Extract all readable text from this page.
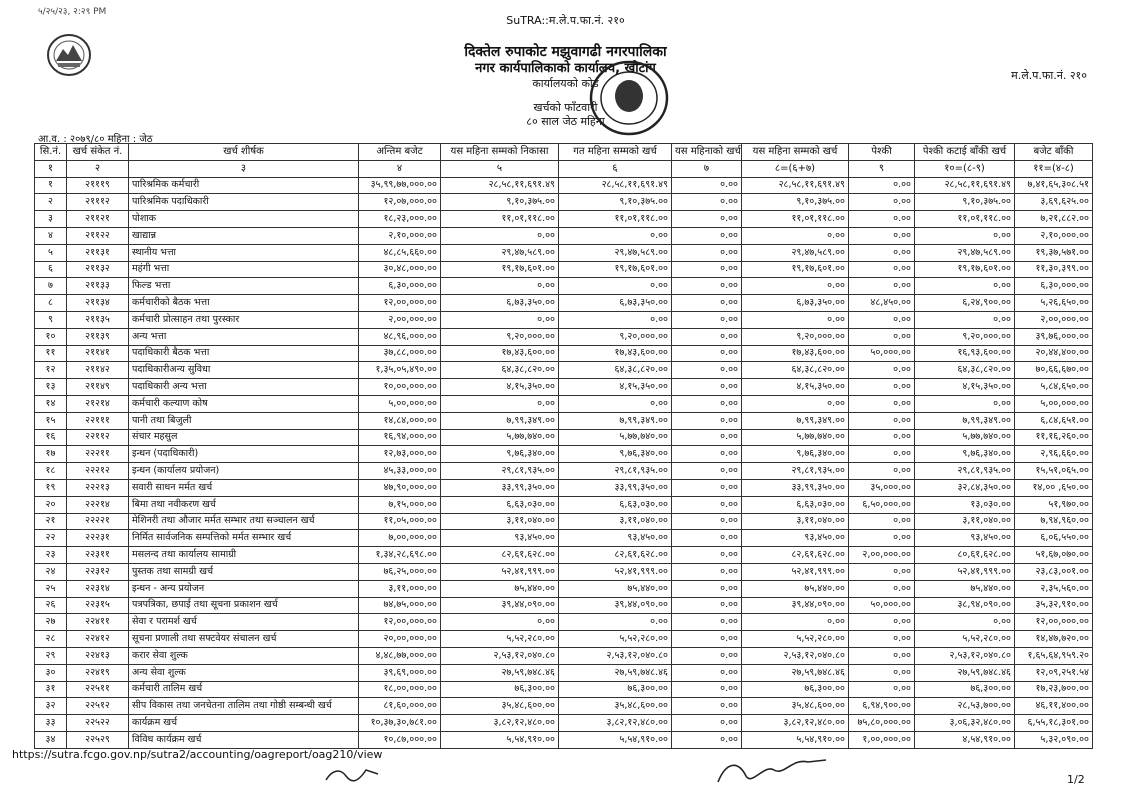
५/२५/२३, २:२९ PM
SuTRA::म.ले.प.फा.नं. २१०
दिक्तेल रुपाकोट मझुवागढी नगरपालिका
नगर कार्यपालिकाको कार्यालय, खोटांग
कार्यालयको कोड
खर्चको फाँटवारी
८० साल जेठ महिना
म.ले.प.फा.नं. २१०
आ.व. : २०७९/८० महिना : जेठ
सि.नं.	खर्च संकेत नं.	खर्च शीर्षक	अन्तिम बजेट	यस महिना सम्मको निकासा	गत महिना सम्मको खर्च	यस महिनाको खर्च	यस महिना सम्मको खर्च	पेश्की	पेश्की कटाई बाँकी खर्च	बजेट बाँकी
१	२	३	४	५	६	७	८=(६+७)	९	१०=(८-९)	११=(४-८)
१	२१११९	पारिश्रमिक कर्मचारी	३५,९९,७७,०००.००	२८,५८,११,६९१.४९	२८,५८,११,६९१.४९	०.००	२८,५८,११,६९१.४९	०.००	२८,५८,११,६९१.४९	७,४१,६५,३०८.५१
२	२१११२	पारिश्रमिक पदाधिकारी	१२,०७,०००.००	९,१०,३७५.००	९,१०,३७५.००	०.००	९,१०,३७५.००	०.००	९,१०,३७५.००	३,६९,६२५.००
३	२११२१	पोशाक	१८,२३,०००.००	११,०१,११८.००	११,०१,११८.००	०.००	११,०१,११८.००	०.००	११,०१,११८.००	७,२१,८८२.००
४	२११२२	खाद्यान्न	२,१०,०००.००	०.००	०.००	०.००	०.००	०.००	०.००	२,१०,०००.००
५	२११३१	स्थानीय भत्ता	४८,८५,६६०.००	२९,४७,५८९.००	२९,४७,५८९.००	०.००	२९,४७,५८९.००	०.००	२९,४७,५८९.००	१९,३७,५७१.००
६	२११३२	महंगी भत्ता	३०,४८,०००.००	१९,१७,६०१.००	१९,१७,६०१.००	०.००	१९,१७,६०१.००	०.००	१९,१७,६०१.००	११,३०,३९९.००
७	२११३३	फिल्ड भत्ता	६,३०,०००.००	०.००	०.००	०.००	०.००	०.००	०.००	६,३०,०००.००
८	२११३४	कर्मचारीको बैठक भत्ता	१२,००,०००.००	६,७३,३५०.००	६,७३,३५०.००	०.००	६,७३,३५०.००	४८,४५०.००	६,२४,९००.००	५,२६,६५०.००
९	२११३५	कर्मचारी प्रोत्साहन तथा पुरस्कार	२,००,०००.००	०.००	०.००	०.००	०.००	०.००	०.००	२,००,०००.००
१०	२११३९	अन्य भत्ता	४८,९६,०००.००	९,२०,०००.००	९,२०,०००.००	०.००	९,२०,०००.००	०.००	९,२०,०००.००	३९,७६,०००.००
११	२११४१	पदाधिकारी बैठक भत्ता	३७,८८,०००.००	१७,४३,६००.००	१७,४३,६००.००	०.००	१७,४३,६००.००	५०,०००.००	१६,९३,६००.००	२०,४४,४००.००
१२	२११४२	पदाधिकारीअन्य सुविधा	१,३५,०५,४९०.००	६४,३८,८२०.००	६४,३८,८२०.००	०.००	६४,३८,८२०.००	०.००	६४,३८,८२०.००	७०,६६,६७०.००
१३	२११४९	पदाधिकारी अन्य भत्ता	१०,००,०००.००	४,१५,३५०.००	४,१५,३५०.००	०.००	४,१५,३५०.००	०.००	४,१५,३५०.००	५,८४,६५०.००
१४	२१२१४	कर्मचारी कल्याण कोष	५,००,०००.००	०.००	०.००	०.००	०.००	०.००	०.००	५,००,०००.००
१५	२२१११	पानी तथा बिजुली	१४,८४,०००.००	७,९९,३४९.००	७,९९,३४९.००	०.००	७,९९,३४९.००	०.००	७,९९,३४९.००	६,८४,६५१.००
१६	२२११२	संचार महसुल	१६,९४,०००.००	५,७७,७४०.००	५,७७,७४०.००	०.००	५,७७,७४०.००	०.००	५,७७,७४०.००	११,१६,२६०.००
१७	२२२११	इन्धन (पदाधिकारी)	१२,७३,०००.००	९,७६,३४०.००	९,७६,३४०.००	०.००	९,७६,३४०.००	०.००	९,७६,३४०.००	२,९६,६६०.००
१८	२२२१२	इन्धन (कार्यालय प्रयोजन)	४५,३३,०००.००	२९,८१,९३५.००	२९,८१,९३५.००	०.००	२९,८१,९३५.००	०.००	२९,८१,९३५.००	१५,५१,०६५.००
१९	२२२१३	सवारी साधन मर्मत खर्च	४७,९०,०००.००	३३,९९,३५०.००	३३,९९,३५०.००	०.००	३३,९९,३५०.००	३५,०००.००	३२,८४,३५०.००	१४,०० ,६५०.००
२०	२२२१४	बिमा तथा नवीकरण खर्च	७,१५,०००.००	६,६३,०३०.००	६,६३,०३०.००	०.००	६,६३,०३०.००	६,५०,०००.००	१३,०३०.००	५१,९७०.००
२१	२२२२१	मेशिनरी तथा औजार मर्मत सम्भार तथा सञ्चालन खर्च	११,०५,०००.००	३,११,०४०.००	३,११,०४०.००	०.००	३,११,०४०.००	०.००	३,११,०४०.००	७,९४,९६०.००
२२	२२२३१	निर्मित सार्वजनिक सम्पत्तिको मर्मत सम्भार खर्च	७,००,०००.००	९३,४५०.००	९३,४५०.००	०.००	९३,४५०.००	०.००	९३,४५०.००	६,०६,५५०.००
२३	२२३११	मसलन्द तथा कार्यालय सामाग्री	१,३४,२८,६९८.००	८२,६१,६२८.००	८२,६१,६२८.००	०.००	८२,६१,६२८.००	२,००,०००.००	८०,६१,६२८.००	५१,६७,०७०.००
२४	२२३१२	पुस्तक तथा सामग्री खर्च	७६,२५,०००.००	५२,४१,९९९.००	५२,४१,९९९.००	०.००	५२,४१,९९९.००	०.००	५२,४१,९९९.००	२३,८३,००१.००
२५	२२३१४	इन्धन - अन्य प्रयोजन	३,११,०००.००	७५,४४०.००	७५,४४०.००	०.००	७५,४४०.००	०.००	७५,४४०.००	२,३५,५६०.००
२६	२२३१५	पत्रपत्रिका, छपाई तथा सूचना प्रकाशन खर्च	७४,७५,०००.००	३९,४४,०९०.००	३९,४४,०९०.००	०.००	३९,४४,०९०.००	५०,०००.००	३८,९४,०९०.००	३५,३२,९१०.००
२७	२२४११	सेवा र परामर्श खर्च	१२,००,०००.००	०.००	०.००	०.००	०.००	०.००	०.००	१२,००,०००.००
२८	२२४१२	सूचना प्रणाली तथा सफ्टवेयर संचालन खर्च	२०,००,०००.००	५,५२,२८०.००	५,५२,२८०.००	०.००	५,५२,२८०.००	०.००	५,५२,२८०.००	१४,४७,७२०.००
२९	२२४१३	करार सेवा शुल्क	४,४८,७७,०००.००	२,५३,१२,०४०.८०	२,५३,१२,०४०.८०	०.००	२,५३,१२,०४०.८०	०.००	२,५३,१२,०४०.८०	१,६५,६४,९५९.२०
३०	२२४१९	अन्य सेवा शुल्क	३९,६९,०००.००	२७,५९,७४८.४६	२७,५९,७४८.४६	०.००	२७,५९,७४८.४६	०.००	२७,५९,७४८.४६	१२,०९,२५१.५४
३१	२२५११	कर्मचारी तालिम खर्च	१८,००,०००.००	७६,३००.००	७६,३००.००	०.००	७६,३००.००	०.००	७६,३००.००	१७,२३,७००.००
३२	२२५१२	सीप विकास तथा जनचेतना तालिम तथा गोष्ठी सम्बन्धी खर्च	८१,६०,०००.००	३५,४८,६००.००	३५,४८,६००.००	०.००	३५,४८,६००.००	६,९४,९००.००	२८,५३,७००.००	४६,११,४००.००
३३	२२५२२	कार्यक्रम खर्च	१०,३७,३०,७८१.००	३,८२,१२,४८०.००	३,८२,१२,४८०.००	०.००	३,८२,१२,४८०.००	७५,८०,०००.००	३,०६,३२,४८०.००	६,५५,१८,३०१.००
३४	२२५२९	विविध कार्यक्रम खर्च	१०,८७,०००.००	५,५४,९१०.००	५,५४,९१०.००	०.००	५,५४,९१०.००	१,००,०००.००	४,५४,९१०.००	५,३२,०९०.००
https://sutra.fcgo.gov.np/sutra2/accounting/oagreport/oag210/view
1/2
